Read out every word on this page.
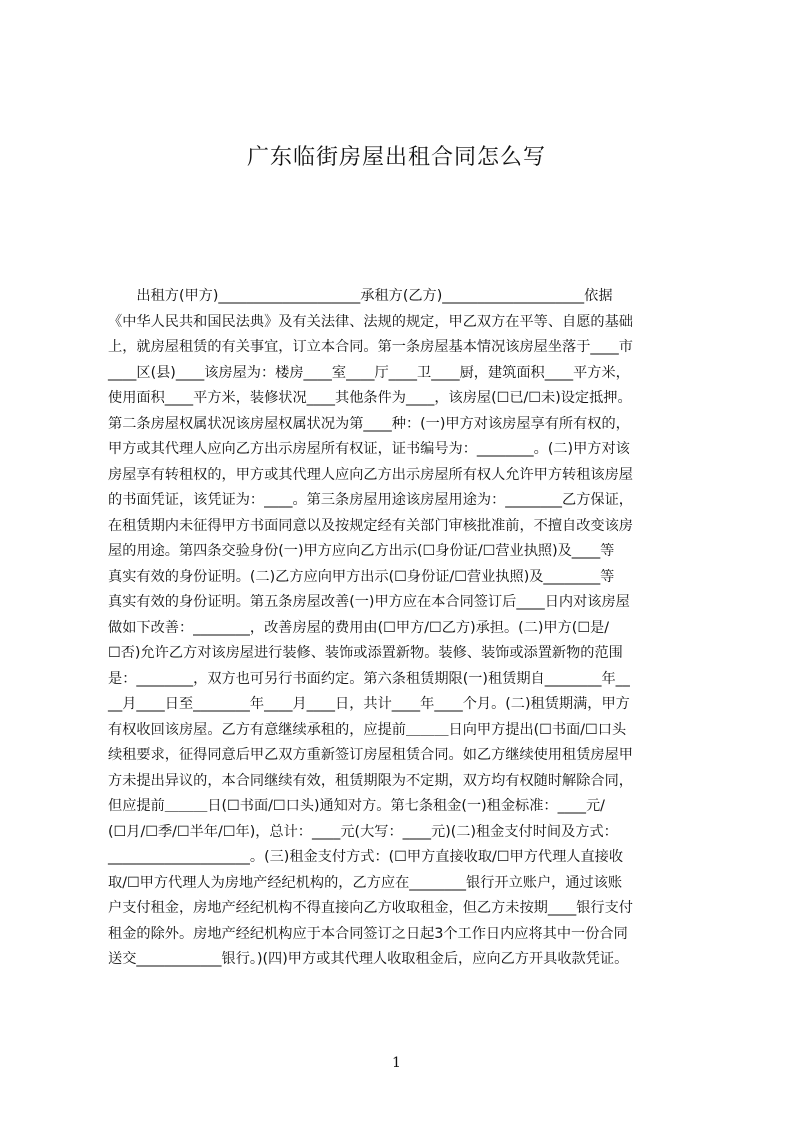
广东临街房屋出租合同怎么写
　　出租方(甲方)____________________承租方(乙方)____________________依据
《中华人民共和国民法典》及有关法律、法规的规定，甲乙双方在平等、自愿的基础
上，就房屋租赁的有关事宜，订立本合同。第一条房屋基本情况该房屋坐落于____市
____区(县)____该房屋为：楼房____室____厅____卫____厨，建筑面积____平方米，
使用面积____平方米，装修状况____其他条件为____，该房屋(☐已/☐未)设定抵押。
第二条房屋权属状况该房屋权属状况为第____种：(一)甲方对该房屋享有所有权的，
甲方或其代理人应向乙方出示房屋所有权证，证书编号为：________。(二)甲方对该
房屋享有转租权的，甲方或其代理人应向乙方出示房屋所有权人允许甲方转租该房屋
的书面凭证，该凭证为：____。第三条房屋用途该房屋用途为：________乙方保证，
在租赁期内未征得甲方书面同意以及按规定经有关部门审核批准前，不擅自改变该房
屋的用途。第四条交验身份(一)甲方应向乙方出示(☐身份证/☐营业执照)及____等
真实有效的身份证明。(二)乙方应向甲方出示(☐身份证/☐营业执照)及________等
真实有效的身份证明。第五条房屋改善(一)甲方应在本合同签订后____日内对该房屋
做如下改善：________，改善房屋的费用由(☐甲方/☐乙方)承担。(二)甲方(☐是/
☐否)允许乙方对该房屋进行装修、装饰或添置新物。装修、装饰或添置新物的范围
是：________，双方也可另行书面约定。第六条租赁期限(一)租赁期自________年__
__月____日至________年____月____日，共计____年____个月。(二)租赁期满，甲方
有权收回该房屋。乙方有意继续承租的，应提前＿＿＿日向甲方提出(☐书面/☐口头
续租要求，征得同意后甲乙双方重新签订房屋租赁合同。如乙方继续使用租赁房屋甲
方未提出异议的，本合同继续有效，租赁期限为不定期，双方均有权随时解除合同，
但应提前＿＿＿日(☐书面/☐口头)通知对方。第七条租金(一)租金标准：____元/
(☐月/☐季/☐半年/☐年)，总计：____元(大写：____元)(二)租金支付时间及方式：
____________________。(三)租金支付方式：(☐甲方直接收取/☐甲方代理人直接收
取/☐甲方代理人为房地产经纪机构的，乙方应在________银行开立账户，通过该账
户支付租金，房地产经纪机构不得直接向乙方收取租金，但乙方未按期____银行支付
租金的除外。房地产经纪机构应于本合同签订之日起3个工作日内应将其中一份合同
送交____________银行。)(四)甲方或其代理人收取租金后，应向乙方开具收款凭证。
1
